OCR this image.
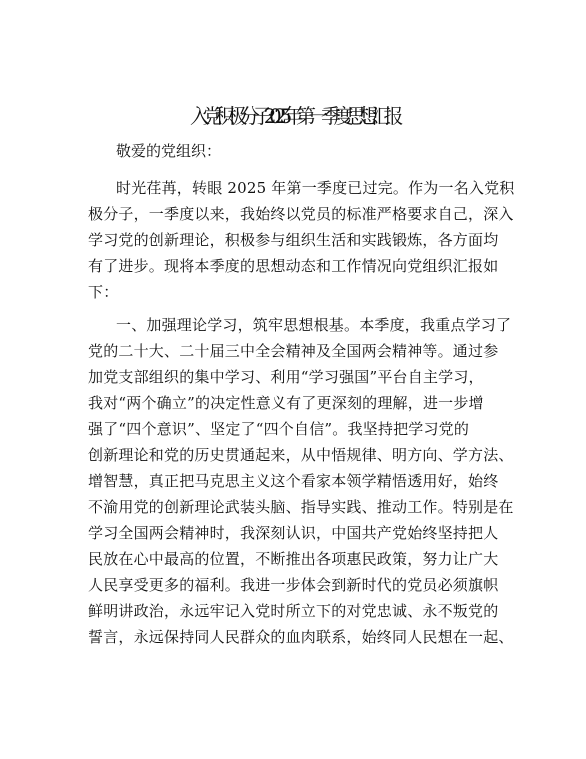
入党积极分子 2025 年第一季度思想汇报
敬爱的党组织：
时光荏苒，转眼 2025 年第一季度已过完。作为一名入党积
极分子，一季度以来，我始终以党员的标准严格要求自己，深入
学习党的创新理论，积极参与组织生活和实践锻炼，各方面均
有了进步。现将本季度的思想动态和工作情况向党组织汇报如
下：
一、加强理论学习，筑牢思想根基。本季度，我重点学习了
党的二十大、二十届三中全会精神及全国两会精神等。通过参
加党支部组织的集中学习、利用“学习强国”平台自主学习，
我对“两个确立”的决定性意义有了更深刻的理解，进一步增
强了“四个意识”、坚定了“四个自信”。我坚持把学习党的
创新理论和党的历史贯通起来，从中悟规律、明方向、学方法、
增智慧，真正把马克思主义这个看家本领学精悟透用好，始终
不渝用党的创新理论武装头脑、指导实践、推动工作。特别是在
学习全国两会精神时，我深刻认识，中国共产党始终坚持把人
民放在心中最高的位置，不断推出各项惠民政策，努力让广大
人民享受更多的福利。我进一步体会到新时代的党员必须旗帜
鲜明讲政治，永远牢记入党时所立下的对党忠诚、永不叛党的
誓言，永远保持同人民群众的血肉联系，始终同人民想在一起、
